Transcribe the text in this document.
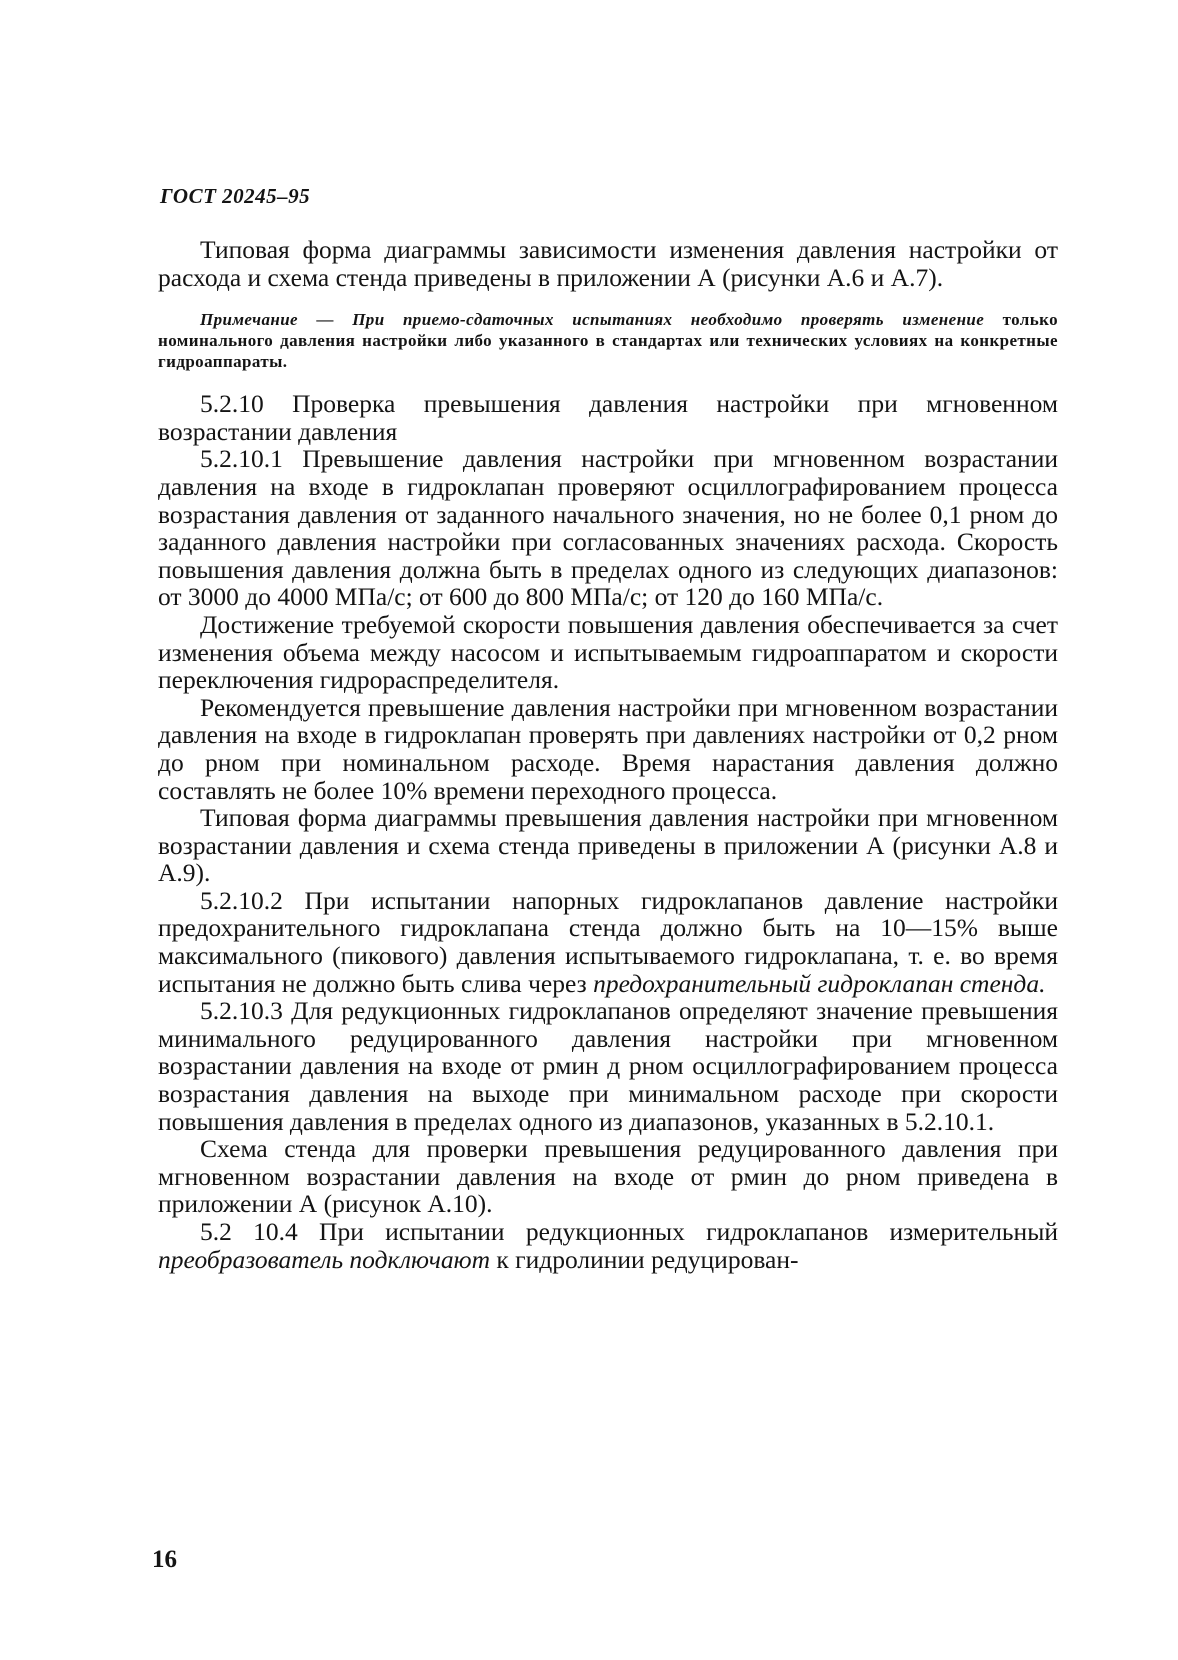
ГОСТ 20245–95

Типовая форма диаграммы зависимости изменения давления настройки от расхода и схема стенда приведены в приложении А (рисунки А.6 и А.7).

Примечание — При приемо-сдаточных испытаниях необходимо проверять изменение только номинального давления настройки либо указанного в стандартах или технических условиях на конкретные гидроаппараты.

5.2.10 Проверка превышения давления настройки при мгновенном возрастании давления

5.2.10.1 Превышение давления настройки при мгновенном возрастании давления на входе в гидроклапан проверяют осциллографированием процесса возрастания давления от заданного начального значения, но не более 0,1 pном до заданного давления настройки при согласованных значениях расхода. Скорость повышения давления должна быть в пределах одного из следующих диапазонов: от 3000 до 4000 МПа/с; от 600 до 800 МПа/с; от 120 до 160 МПа/с.

Достижение требуемой скорости повышения давления обеспечивается за счет изменения объема между насосом и испытываемым гидроаппаратом и скорости переключения гидрораспределителя.

Рекомендуется превышение давления настройки при мгновенном возрастании давления на входе в гидроклапан проверять при давлениях настройки от 0,2 pном до pном при номинальном расходе. Время нарастания давления должно составлять не более 10% времени переходного процесса.

Типовая форма диаграммы превышения давления настройки при мгновенном возрастании давления и схема стенда приведены в приложении А (рисунки А.8 и А.9).

5.2.10.2 При испытании напорных гидроклапанов давление настройки предохранительного гидроклапана стенда должно быть на 10—15% выше максимального (пикового) давления испытываемого гидроклапана, т. е. во время испытания не должно быть слива через предохранительный гидроклапан стенда.

5.2.10.3 Для редукционных гидроклапанов определяют значение превышения минимального редуцированного давления настройки при мгновенном возрастании давления на входе от pмин д pном осциллографированием процесса возрастания давления на выходе при минимальном расходе при скорости повышения давления в пределах одного из диапазонов, указанных в 5.2.10.1.

Схема стенда для проверки превышения редуцированного давления при мгновенном возрастании давления на входе от pмин до pном приведена в приложении А (рисунок А.10).

5.2 10.4 При испытании редукционных гидроклапанов измерительный преобразователь подключают к гидролинии редуцирован-

16
